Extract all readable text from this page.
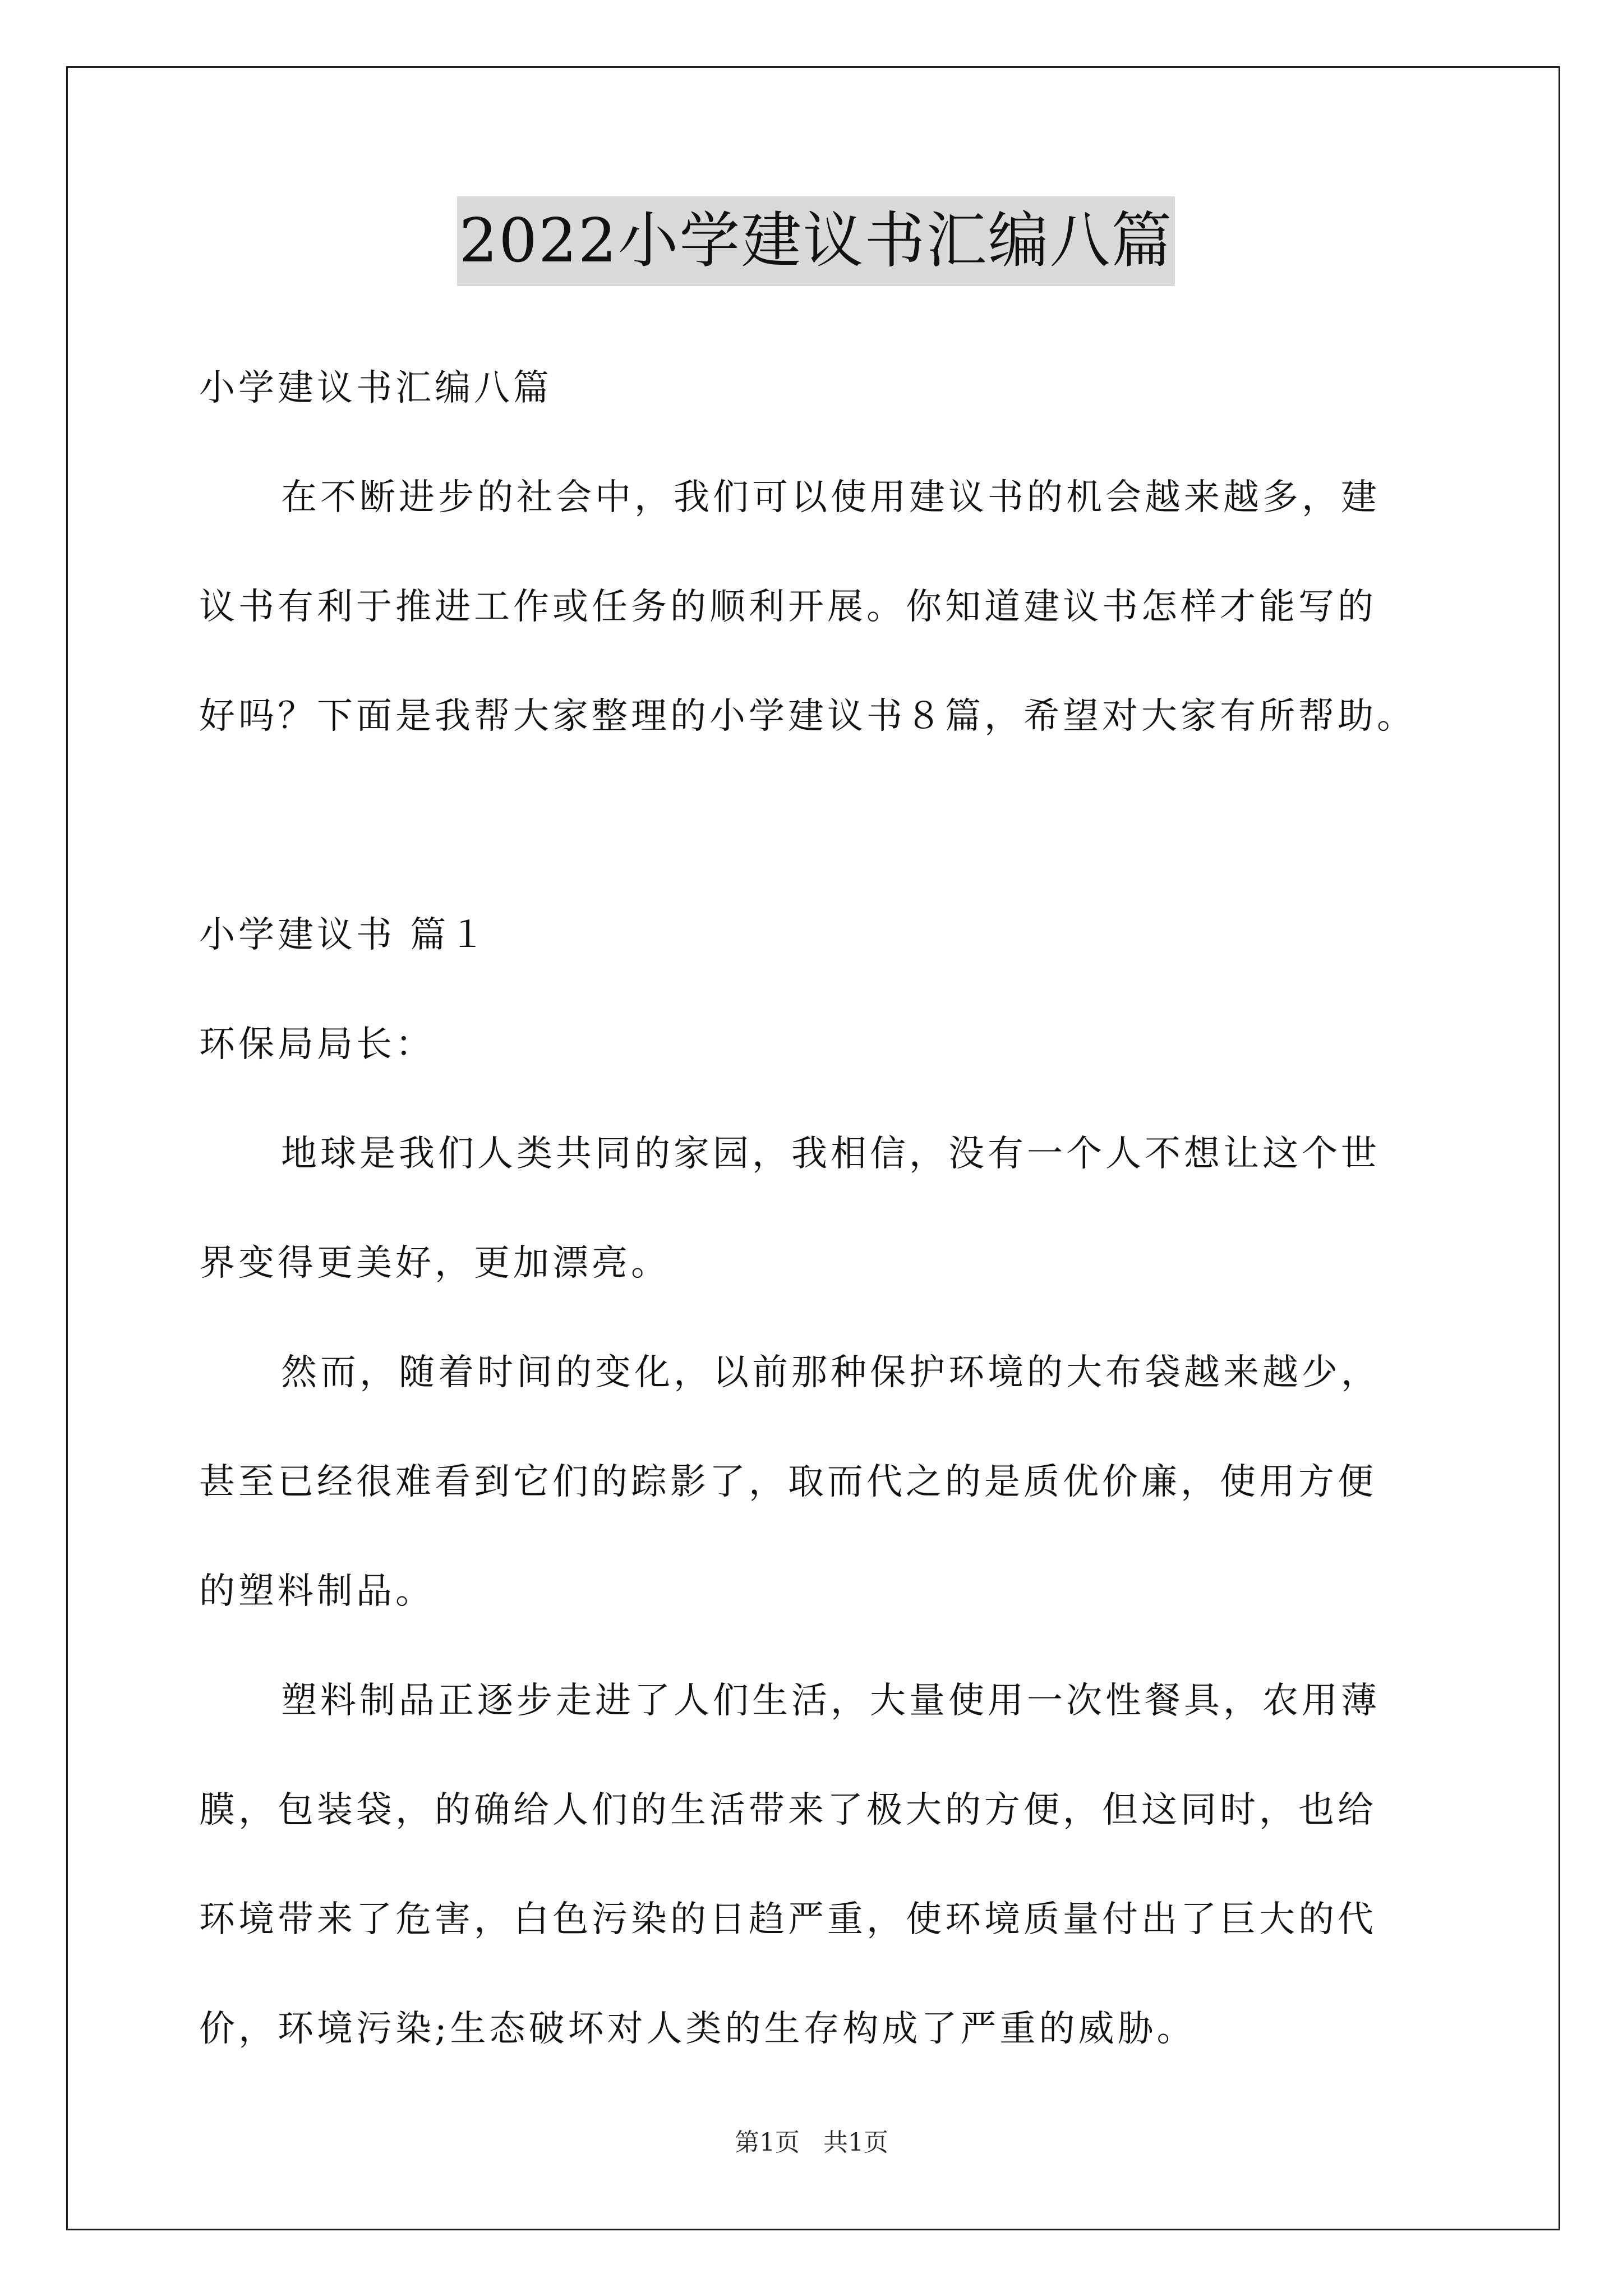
2022小学建议书汇编八篇

小学建议书汇编八篇

在不断进步的社会中，我们可以使用建议书的机会越来越多，建

议书有利于推进工作或任务的顺利开展。你知道建议书怎样才能写的

好吗？下面是我帮大家整理的小学建议书８篇，希望对大家有所帮助。

小学建议书 篇１

环保局局长：

地球是我们人类共同的家园，我相信，没有一个人不想让这个世

界变得更美好，更加漂亮。

然而，随着时间的变化，以前那种保护环境的大布袋越来越少，

甚至已经很难看到它们的踪影了，取而代之的是质优价廉，使用方便

的塑料制品。

塑料制品正逐步走进了人们生活，大量使用一次性餐具，农用薄

膜，包装袋，的确给人们的生活带来了极大的方便，但这同时，也给

环境带来了危害，白色污染的日趋严重，使环境质量付出了巨大的代

价，环境污染;生态破坏对人类的生存构成了严重的威胁。

第1页   共1页
